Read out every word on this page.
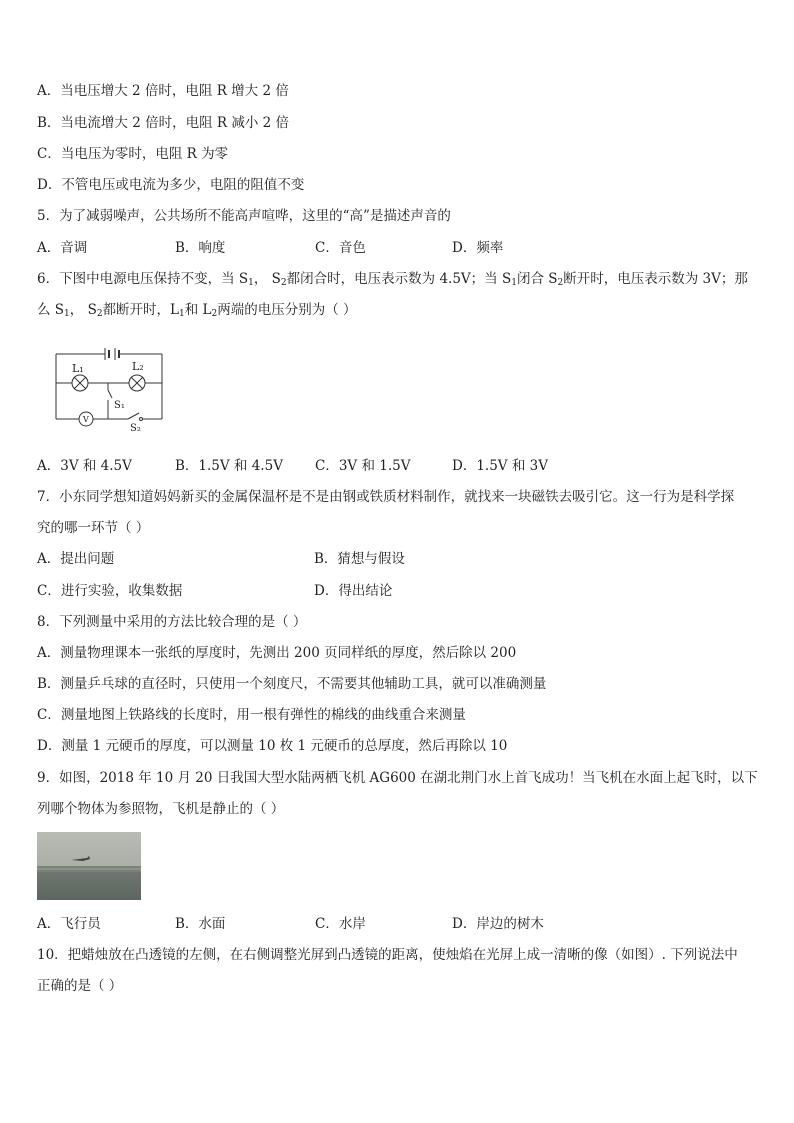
A．当电压增大 2 倍时，电阻 R 增大 2 倍
B．当电流增大 2 倍时，电阻 R 减小 2 倍
C．当电压为零时，电阻 R 为零
D．不管电压或电流为多少，电阻的阻值不变
5．为了减弱噪声，公共场所不能高声喧哗，这里的“高”是描述声音的
A．音调	B．响度	C．音色	D．频率
6．下图中电源电压保持不变，当 $S_1$， $S_2$都闭合时，电压表示数为 4.5V；当 $S_1$闭合 $S_2$断开时，电压表示数为 3V；那
么 $S_1$， $S_2$都断开时，$L_1$和 $L_2$两端的电压分别为（ ）
L₁	L₂
S₁
V
S₂
A．3V 和 4.5V	B．1.5V 和 4.5V C．3V 和 1.5V	D．1.5V 和 3V
7．小东同学想知道妈妈新买的金属保温杯是不是由钢或铁质材料制作，就找来一块磁铁去吸引它。这一行为是科学探
究的哪一环节（ ）
A．提出问题	B．猜想与假设
C．进行实验，收集数据	D．得出结论
8．下列测量中采用的方法比较合理的是（ ）
A．测量物理课本一张纸的厚度时，先测出 200 页同样纸的厚度，然后除以 200
B．测量乒乓球的直径时，只使用一个刻度尺，不需要其他辅助工具，就可以准确测量
C．测量地图上铁路线的长度时，用一根有弹性的棉线的曲线重合来测量
D．测量 1 元硬币的厚度，可以测量 10 枚 1 元硬币的总厚度，然后再除以 10
9．如图，2018 年 10 月 20 日我国大型水陆两栖飞机 AG600 在湖北荆门水上首飞成功！当飞机在水面上起飞时，以下
列哪个物体为参照物，飞机是静止的（ ）
A．飞行员	B．水面	C．水岸	D．岸边的树木
10．把蜡烛放在凸透镜的左侧，在右侧调整光屏到凸透镜的距离，使烛焰在光屏上成一清晰的像（如图）. 下列说法中
正确的是（ ）
